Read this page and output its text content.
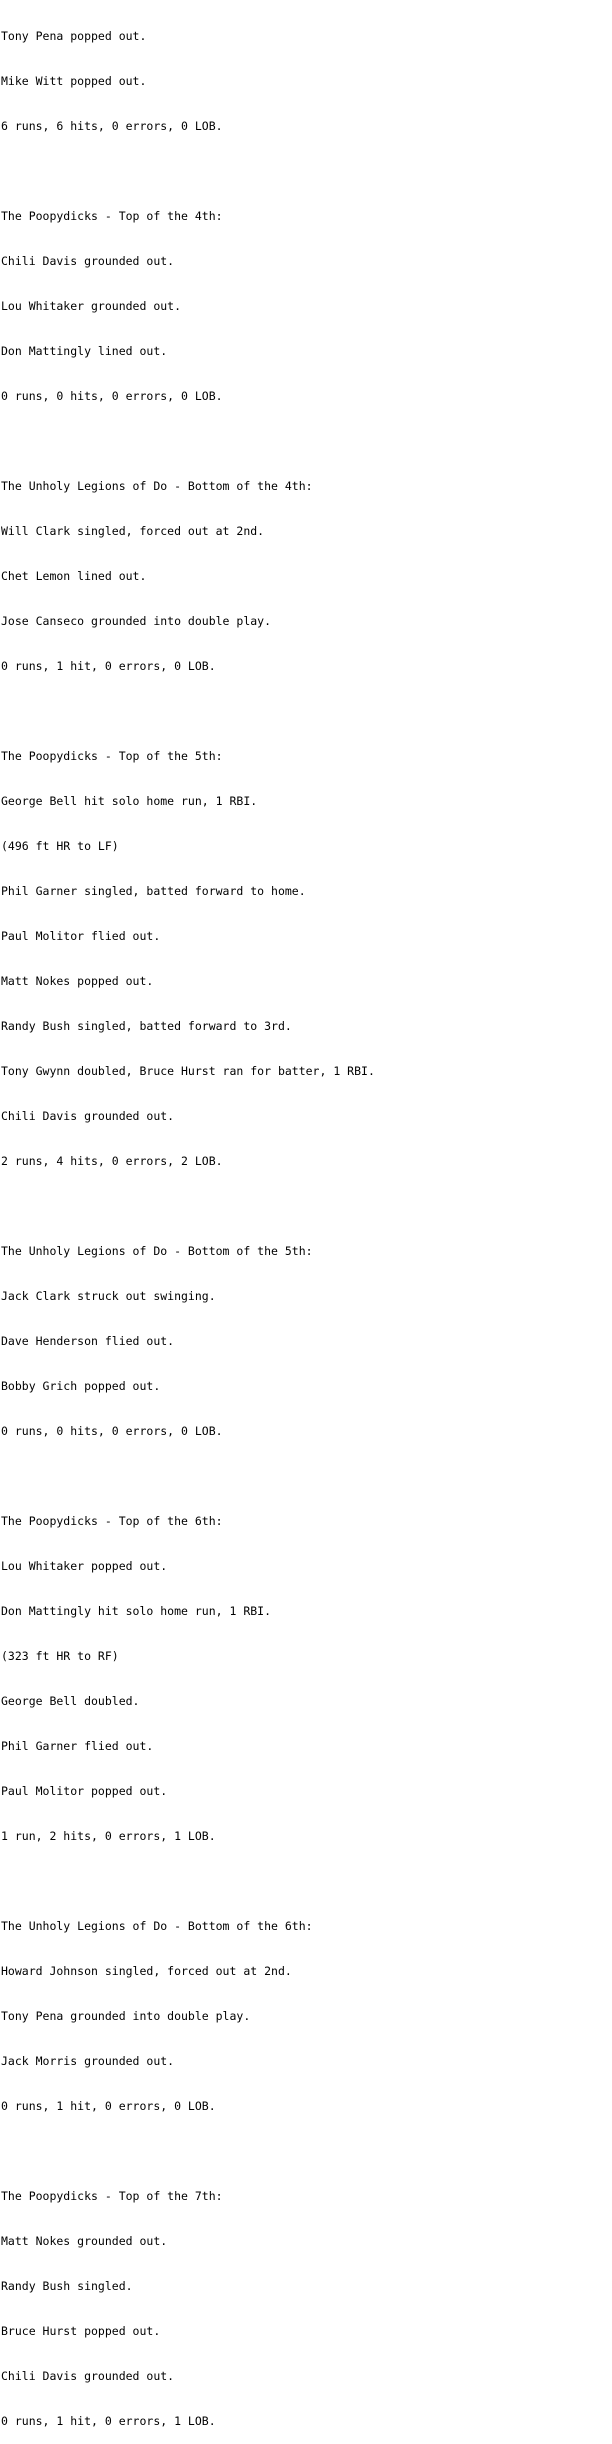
Tony Pena popped out.

Mike Witt popped out.

6 runs, 6 hits, 0 errors, 0 LOB.

The Poopydicks - Top of the 4th:

Chili Davis grounded out.

Lou Whitaker grounded out.

Don Mattingly lined out.

0 runs, 0 hits, 0 errors, 0 LOB.

The Unholy Legions of Do - Bottom of the 4th:

Will Clark singled, forced out at 2nd.

Chet Lemon lined out.

Jose Canseco grounded into double play.

0 runs, 1 hit, 0 errors, 0 LOB.

The Poopydicks - Top of the 5th:

George Bell hit solo home run, 1 RBI.

(496 ft HR to LF)

Phil Garner singled, batted forward to home.

Paul Molitor flied out.

Matt Nokes popped out.

Randy Bush singled, batted forward to 3rd.

Tony Gwynn doubled, Bruce Hurst ran for batter, 1 RBI.

Chili Davis grounded out.

2 runs, 4 hits, 0 errors, 2 LOB.

The Unholy Legions of Do - Bottom of the 5th:

Jack Clark struck out swinging.

Dave Henderson flied out.

Bobby Grich popped out.

0 runs, 0 hits, 0 errors, 0 LOB.

The Poopydicks - Top of the 6th:

Lou Whitaker popped out.

Don Mattingly hit solo home run, 1 RBI.

(323 ft HR to RF)

George Bell doubled.

Phil Garner flied out.

Paul Molitor popped out.

1 run, 2 hits, 0 errors, 1 LOB.

The Unholy Legions of Do - Bottom of the 6th:

Howard Johnson singled, forced out at 2nd.

Tony Pena grounded into double play.

Jack Morris grounded out.

0 runs, 1 hit, 0 errors, 0 LOB.

The Poopydicks - Top of the 7th:

Matt Nokes grounded out.

Randy Bush singled.

Bruce Hurst popped out.

Chili Davis grounded out.

0 runs, 1 hit, 0 errors, 1 LOB.
